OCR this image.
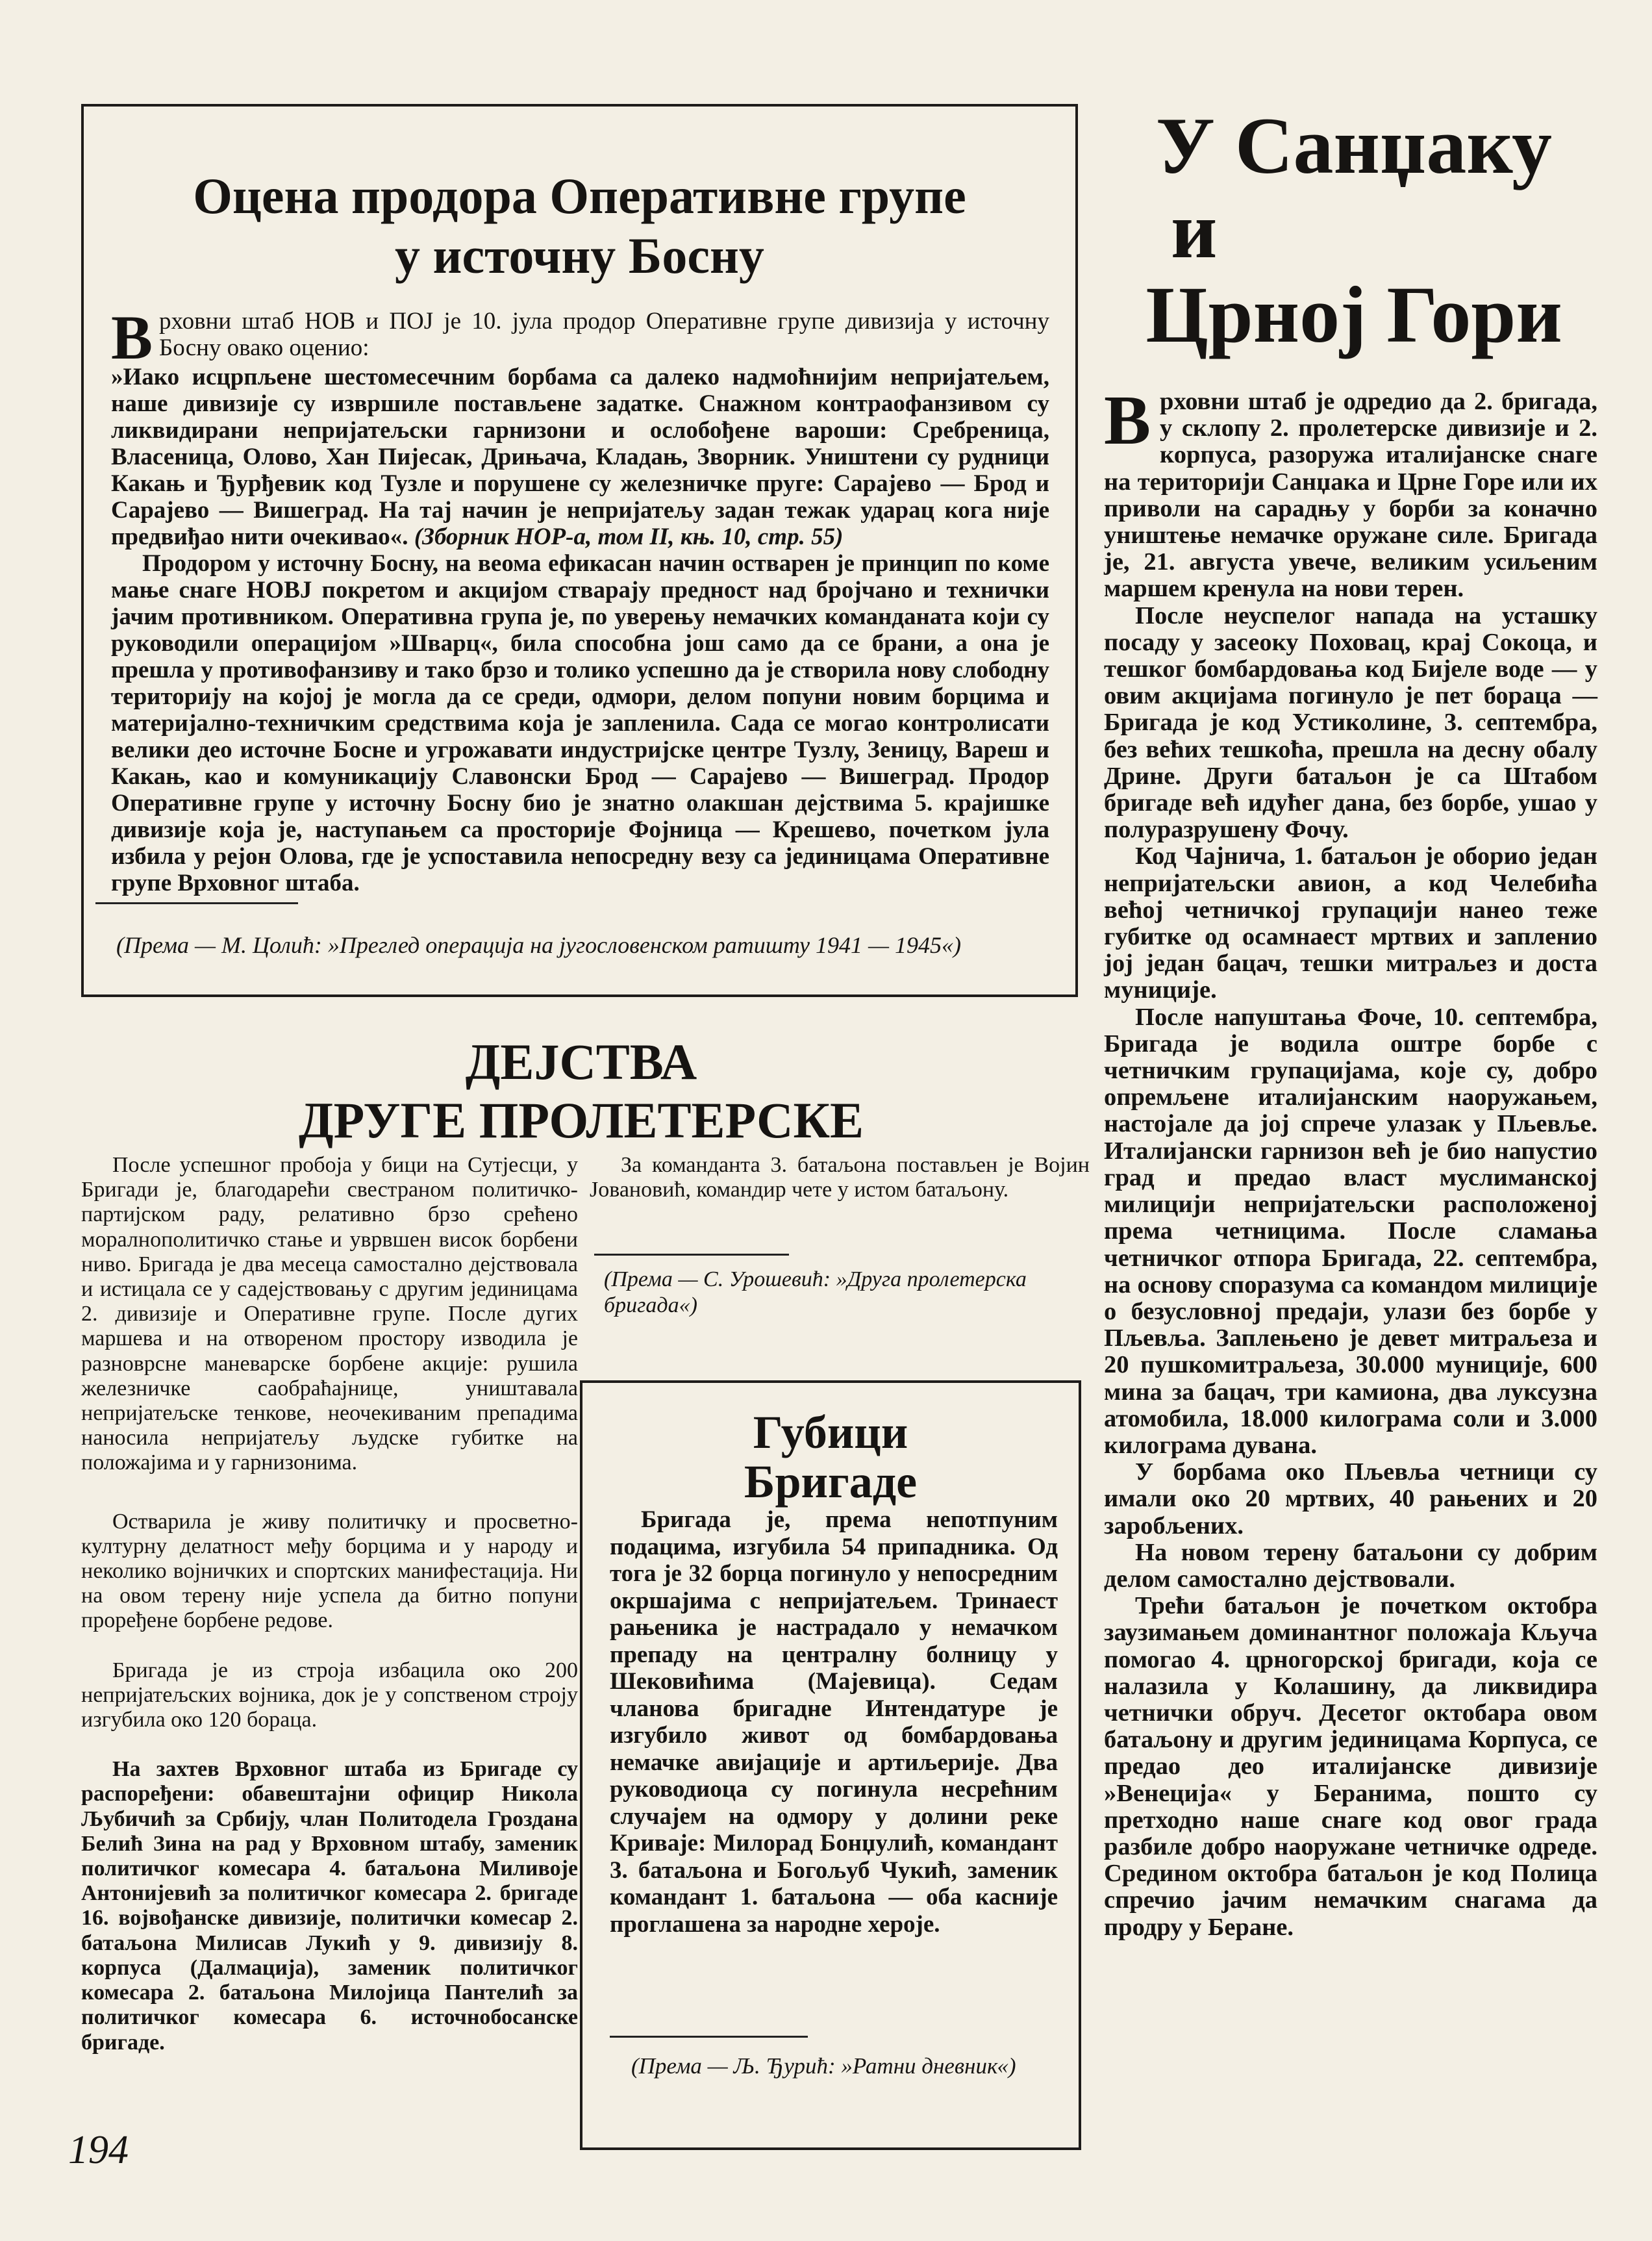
Оцена продора Оперативне групе
у источну Босну

Врховни штаб НОВ и ПОЈ је 10. јула продор Оперативне групе дивизија у источну Босну овако оценио:

»Иако исцрпљене шестомесечним борбама са далеко надмоћнијим непријатељем, наше дивизије су извршиле постављене задатке. Снажном контраофанзивом су ликвидирани непријатељски гарнизони и ослобођене вароши: Сребреница, Власеница, Олово, Хан Пијесак, Дрињача, Кладањ, Зворник. Уништени су рудници Какањ и Ђурђевик код Тузле и порушене су железничке пруге: Сарајево — Брод и Сарајево — Вишеград. На тај начин је непријатељу задан тежак ударац кога није предвиђао нити очекивао«. (Зборник НОР-а, том II, књ. 10, стр. 55)

Продором у источну Босну, на веома ефикасан начин остварен је принцип по коме мање снаге НОВЈ покретом и акцијом стварају предност над бројчано и технички јачим противником. Оперативна група је, по уверењу немачких команданата који су руководили операцијом »Шварц«, била способна још само да се брани, а она је прешла у противофанзиву и тако брзо и толико успешно да је створила нову слободну територију на којој је могла да се среди, одмори, делом попуни новим борцима и материјално-техничким средствима која је запленила. Сада се могао контролисати велики део источне Босне и угрожавати индустријске центре Тузлу, Зеницу, Вареш и Какањ, као и комуникацију Славонски Брод — Сарајево — Вишеград. Продор Оперативне групе у источну Босну био је знатно олакшан дејствима 5. крајишке дивизије која је, наступањем са просторије Фојница — Крешево, почетком јула избила у рејон Олова, где је успоставила непосредну везу са јединицама Оперативне групе Врховног штаба.

(Према — М. Цолић: »Преглед операција на југословенском ратишту 1941 — 1945«)
У Санџаку
и
Црној Гори

Врховни штаб је одредио да 2. бригада, у склопу 2. пролетерске дивизије и 2. корпуса, разоружа италијанске снаге на територији Санџака и Црне Горе или их приволи на сарадњу у борби за коначно уништење немачке оружане силе. Бригада је, 21. августа увече, великим усиљеним маршем кренула на нови терен.

После неуспелог напада на усташку посаду у засеоку Поховац, крај Сокоца, и тешког бомбардовања код Бијеле воде — у овим акцијама погинуло је пет бораца — Бригада је код Устиколине, 3. септембра, без већих тешкоћа, прешла на десну обалу Дрине. Други батаљон је са Штабом бригаде већ идућег дана, без борбе, ушао у полуразрушену Фочу.

Код Чајнича, 1. батаљон је оборио један непријатељски авион, а код Челебића већој четничкој групацији нанео теже губитке од осамнаест мртвих и запленио јој један бацач, тешки митраљез и доста муниције.

После напуштања Фоче, 10. септембра, Бригада је водила оштре борбе с четничким групацијама, које су, добро опремљене италијанским наоружањем, настојале да јој спрече улазак у Пљевље. Италијански гарнизон већ је био напустио град и предао власт муслиманској милицији непријатељски расположеној према четницима. После сламања четничког отпора Бригада, 22. септембра, на основу споразума са командом милиције о безусловној предаји, улази без борбе у Пљевља. Заплењено је девет митраљеза и 20 пушкомитраљеза, 30.000 муниције, 600 мина за бацач, три камиона, два луксузна атомобила, 18.000 килограма соли и 3.000 килограма дувана.

У борбама око Пљевља четници су имали око 20 мртвих, 40 рањених и 20 заробљених.

На новом терену батаљони су добрим делом самостално дејствовали.

Трећи батаљон је почетком октобра заузимањем доминантног положаја Кључа помогао 4. црногорској бригади, која се налазила у Колашину, да ликвидира четнички обруч. Десетог октобара овом батаљону и другим јединицама Корпуса, се предао део италијанске дивизије »Венеција« у Беранима, пошто су претходно наше снаге код овог града разбиле добро наоружане четничке одреде. Средином октобра батаљон је код Полица спречио јачим немачким снагама да продру у Беране.

ДЕЈСТВА
ДРУГЕ ПРОЛЕТЕРСКЕ

После успешног пробоја у бици на Сутјесци, у Бригади је, благодарећи свестраном политичко-партијском раду, релативно брзо срећено моралнополитичко стање и уврвшен висок борбени ниво. Бригада је два месеца самостално дејствовала и истицала се у садејствовању с другим јединицама 2. дивизије и Оперативне групе. После дугих маршева и на отвореном простору изводила је разноврсне маневарске борбене акције: рушила железничке саобраћајнице, уништавала непријатељске тенкове, неочекиваним препадима наносила непријатељу људске губитке на положајима и у гарнизонима.

Остварила је живу политичку и просветно-културну делатност међу борцима и у народу и неколико војничких и спортских манифестација. Ни на овом терену није успела да битно попуни проређене борбене редове.

Бригада је из строја избацила око 200 непријатељских војника, док је у сопственом строју изгубила око 120 бораца.

На захтев Врховног штаба из Бригаде су распоређени: обавештајни официр Никола Љубичић за Србију, члан Политодела Гроздана Белић Зина на рад у Врховном штабу, заменик политичког комесара 4. батаљона Миливоје Антонијевић за политичког комесара 2. бригаде 16. војвођанске дивизије, политички комесар 2. батаљона Милисав Лукић у 9. дивизију 8. корпуса (Далмација), заменик политичког комесара 2. батаљона Милојица Пантелић за политичког комесара 6. источнобосанске бригаде.

За команданта 3. батаљона постављен је Војин Јовановић, командир чете у истом батаљону.

(Према — С. Урошевић: »Друга пролетерска бригада«)
Губици
Бригаде
Бригада је, према непотпуним подацима, изгубила 54 припадника. Од тога је 32 борца погинуло у непосредним окршајима с непријатељем. Тринаест рањеника је настрадало у немачком препаду на централну болницу у Шековићима (Мајевица). Седам чланова бригадне Интендатуре је изгубило живот од бомбардовања немачке авијације и артиљерије. Два руководиоца су погинула несрећним случајем на одмору у долини реке Криваје: Милорад Бонџулић, командант 3. батаљона и Богољуб Чукић, заменик командант 1. батаљона — оба касније проглашена за народне хероје.
(Према — Љ. Ђурић: »Ратни дневник«)
194
